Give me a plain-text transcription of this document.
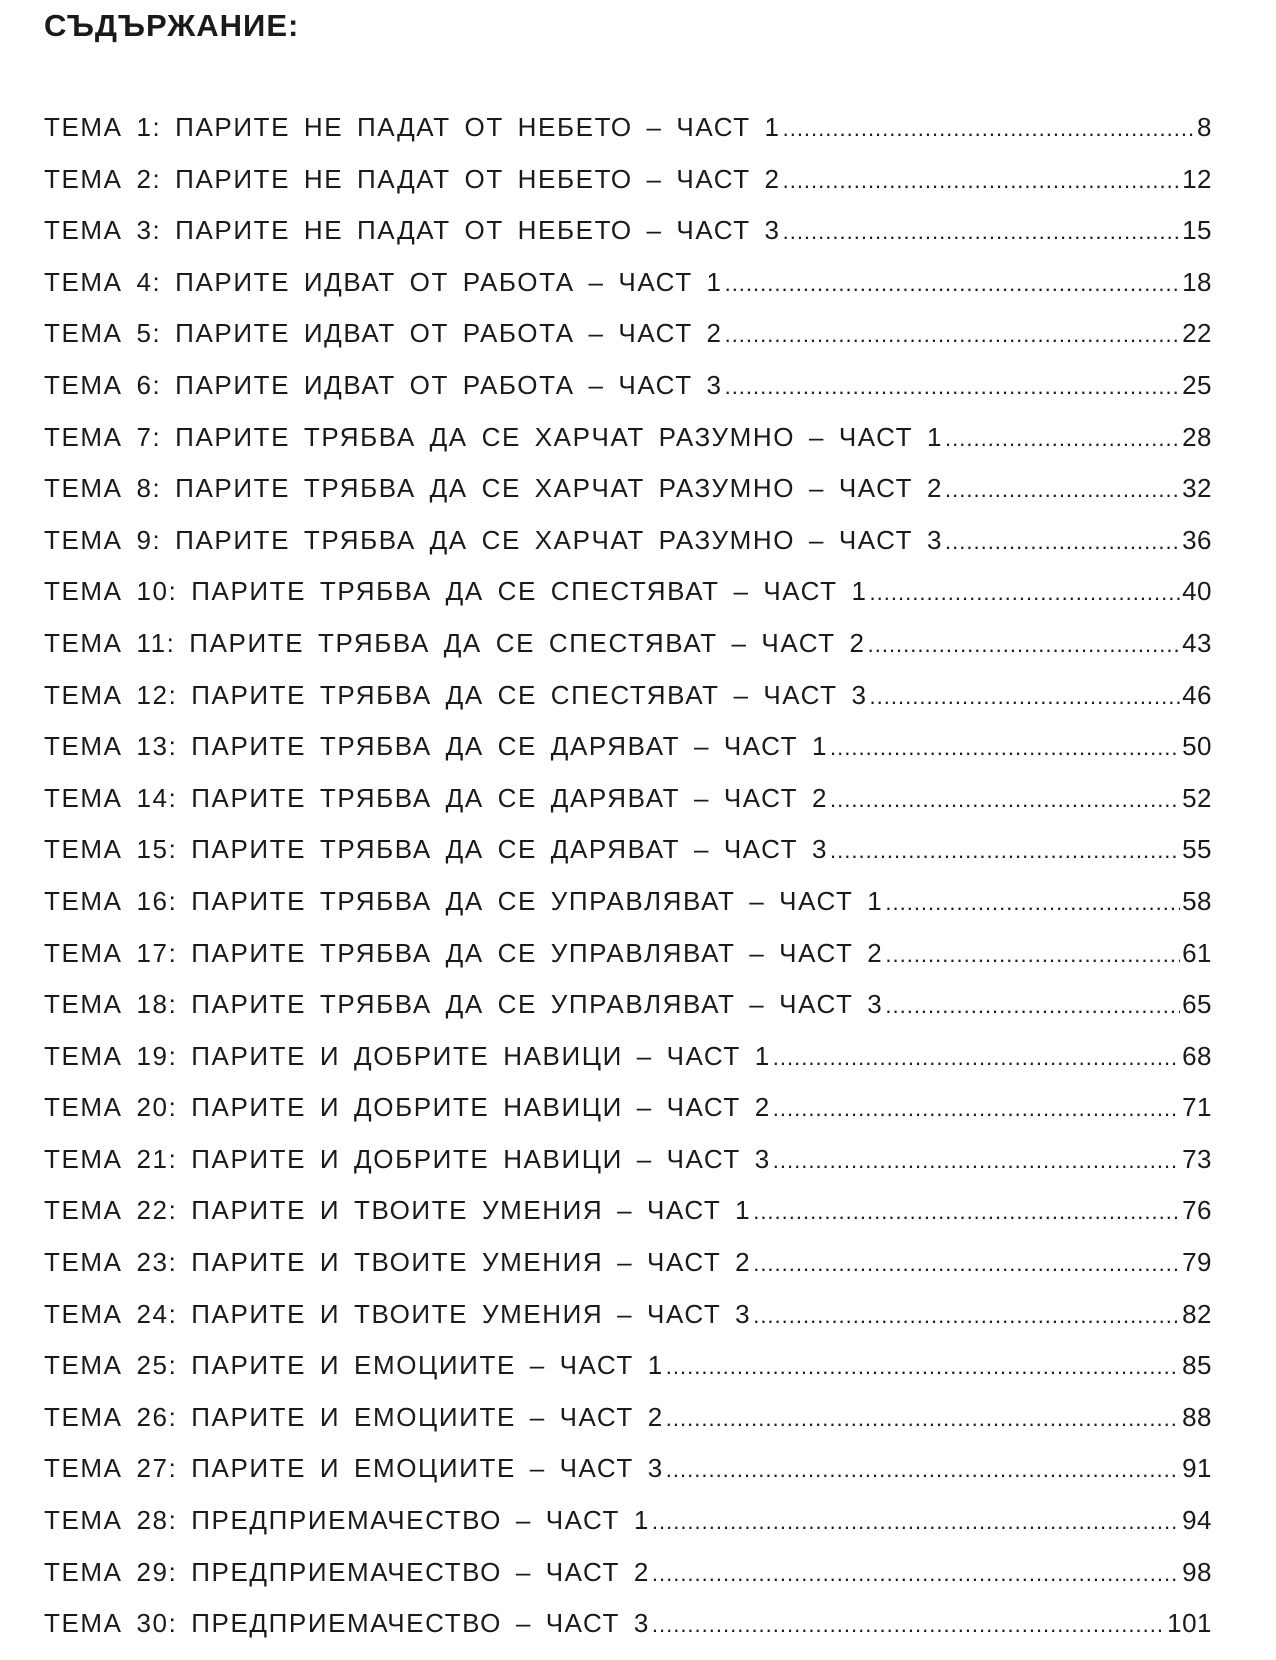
СЪДЪРЖАНИЕ:
ТЕМА 1: ПАРИТЕ НЕ ПАДАТ ОТ НЕБЕТО – ЧАСТ 1 .....	8
ТЕМА 2: ПАРИТЕ НЕ ПАДАТ ОТ НЕБЕТО – ЧАСТ 2 .....	12
ТЕМА 3: ПАРИТЕ НЕ ПАДАТ ОТ НЕБЕТО – ЧАСТ 3 .....	15
ТЕМА 4: ПАРИТЕ ИДВАТ ОТ РАБОТА – ЧАСТ 1 .....	18
ТЕМА 5: ПАРИТЕ ИДВАТ ОТ РАБОТА – ЧАСТ 2 .....	22
ТЕМА 6: ПАРИТЕ ИДВАТ ОТ РАБОТА – ЧАСТ 3 .....	25
ТЕМА 7: ПАРИТЕ ТРЯБВА ДА СЕ ХАРЧАТ РАЗУМНО – ЧАСТ 1 .....	28
ТЕМА 8: ПАРИТЕ ТРЯБВА ДА СЕ ХАРЧАТ РАЗУМНО – ЧАСТ 2 .....	32
ТЕМА 9: ПАРИТЕ ТРЯБВА ДА СЕ ХАРЧАТ РАЗУМНО – ЧАСТ 3 .....	36
ТЕМА 10: ПАРИТЕ ТРЯБВА ДА СЕ СПЕСТЯВАТ – ЧАСТ 1 .....	40
ТЕМА 11: ПАРИТЕ ТРЯБВА ДА СЕ СПЕСТЯВАТ – ЧАСТ 2 .....	43
ТЕМА 12: ПАРИТЕ ТРЯБВА ДА СЕ СПЕСТЯВАТ – ЧАСТ 3 .....	46
ТЕМА 13: ПАРИТЕ ТРЯБВА ДА СЕ ДАРЯВАТ – ЧАСТ 1 .....	50
ТЕМА 14: ПАРИТЕ ТРЯБВА ДА СЕ ДАРЯВАТ – ЧАСТ 2 .....	52
ТЕМА 15: ПАРИТЕ ТРЯБВА ДА СЕ ДАРЯВАТ – ЧАСТ 3 .....	55
ТЕМА 16: ПАРИТЕ ТРЯБВА ДА СЕ УПРАВЛЯВАТ – ЧАСТ 1 .....	58
ТЕМА 17: ПАРИТЕ ТРЯБВА ДА СЕ УПРАВЛЯВАТ – ЧАСТ 2 .....	61
ТЕМА 18: ПАРИТЕ ТРЯБВА ДА СЕ УПРАВЛЯВАТ – ЧАСТ 3 .....	65
ТЕМА 19: ПАРИТЕ И ДОБРИТЕ НАВИЦИ – ЧАСТ 1 .....	68
ТЕМА 20: ПАРИТЕ И ДОБРИТЕ НАВИЦИ – ЧАСТ 2 .....	71
ТЕМА 21: ПАРИТЕ И ДОБРИТЕ НАВИЦИ – ЧАСТ 3 .....	73
ТЕМА 22: ПАРИТЕ И ТВОИТЕ УМЕНИЯ – ЧАСТ 1 .....	76
ТЕМА 23: ПАРИТЕ И ТВОИТЕ УМЕНИЯ – ЧАСТ 2 .....	79
ТЕМА 24: ПАРИТЕ И ТВОИТЕ УМЕНИЯ – ЧАСТ 3 .....	82
ТЕМА 25: ПАРИТЕ И ЕМОЦИИТЕ – ЧАСТ 1 .....	85
ТЕМА 26: ПАРИТЕ И ЕМОЦИИТЕ – ЧАСТ 2 .....	88
ТЕМА 27: ПАРИТЕ И ЕМОЦИИТЕ – ЧАСТ 3 .....	91
ТЕМА 28: ПРЕДПРИЕМАЧЕСТВО – ЧАСТ 1 .....	94
ТЕМА 29: ПРЕДПРИЕМАЧЕСТВО – ЧАСТ 2 .....	98
ТЕМА 30: ПРЕДПРИЕМАЧЕСТВО – ЧАСТ 3 .....	101
